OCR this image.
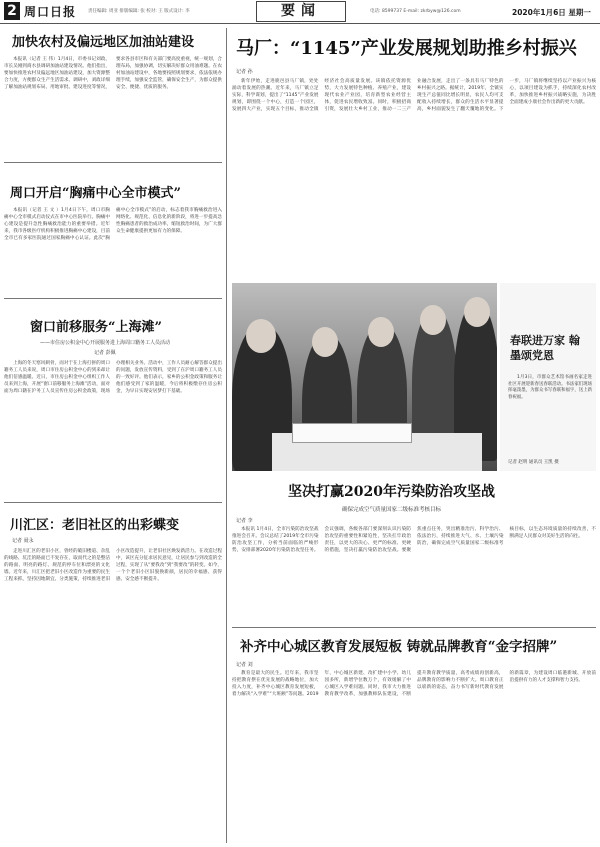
2 周口日报	责任编辑: 周亚 排版编辑: 张 校对: 王 版式设计: 李	要闻	电话: 8599737 E-mail: zkrbyw@126.com	2020年1月6日 星期一
加快农村及偏远地区加油站建设
本报讯（记者 王 伟）1月4日，市委书记刘政、市长吴刚到商水县调研加油站建设情况。他们指出，要加快推进农村及偏远地区加油站建设，加大资源整合力度，方便群众生产生活需求。调研中，刘政详细了解加油站规划布局、用地审批、建设进度等情况，要求各县市区和有关部门要高度重视，统一规划，合理布局，加强协调，切实解决好群众用油难题。在农村加油站建设中，各地要按照规划要求，依法依规办理手续，加强安全监管，确保安全生产，为群众提供安全、便捷、优质的服务。
周口开启“胸痛中心全市模式”
本报讯（记者 王 文 ）1月4日下午，周口市胸痛中心全市模式启动仪式在市中心医院举行。胸痛中心建设是提升急性胸痛救治能力的重要举措。近年来，我市各级医疗机构积极推进胸痛中心建设，目前全市已有多家医院通过国家胸痛中心认证。此次“胸痛中心全市模式”的启动，标志着我市胸痛救治进入网络化、规范化、信息化的新阶段，将进一步提高急性胸痛患者的救治成功率，缩短救治时间，为广大群众生命健康提供更加有力的保障。
窗口前移服务“上海滩”
——市住房公积金中心开展服务进上海周口籍务工人员活动
记者 彭佩
上海的冬天寒风刺骨，而对于在上海打拼的周口籍务工人员来说，周口市住房公积金中心的到来却让他们倍感温暖。近日，市住房公积金中心组织工作人员来到上海，开展“窗口前移服务上海滩”活动，面对面为周口籍在沪务工人员宣传住房公积金政策，现场办理相关业务。活动中，工作人员耐心解答群众提出的问题，发放宣传资料，受到了在沪周口籍务工人员的一致好评。他们表示，家乡的公积金政策和服务让他们感受到了家的温暖，今后将积极缴存住房公积金，为早日实现安居梦打下基础。
川汇区：老旧社区的出彩蝶变
记者 聂永
走进川汇区的老旧小区，曾经的破旧楼道、杂乱的线路、坑洼的路面已不复存在，取而代之的是整洁的路面、明亮的路灯、规范的停车位和漂亮的文化墙。近年来，川汇区把老旧小区改造作为重要的民生工程来抓，坚持因地制宜、分类施策，持续推进老旧小区改造提升，让老旧社区焕发新活力。在改造过程中，该区充分征求居民意见，让居民参与到改造的全过程，实现了从“要我改”到“我要改”的转变。如今，一个个老旧小区旧貌换新颜，居民的幸福感、获得感、安全感不断提升。
马厂：“1145”产业发展规划助推乡村振兴
记者 孙
新年伊始，走进鹿邑县马厂镇，处处涌动着发展的热潮。近年来，马厂镇立足实际，科学谋划，提出了“1145”产业发展规划，即围绕一个中心，打造一个园区，发展四大产业，实现五个目标，推动全镇经济社会高质量发展。该镇依托资源优势，大力发展特色种植、养殖产业，建设现代农业产业园，培育新型农业经营主体，促进农民增收致富。同时，积极招商引资，发展壮大乡村工业，推动一二三产业融合发展，走出了一条具有马厂特色的乡村振兴之路。据统计，2019年，全镇实现生产总值同比增长明显，农民人均可支配收入持续增长，群众的生活水平显著提高，乡村面貌发生了翻天覆地的变化。下一步，马厂镇将继续坚持以产业振兴为核心，以项目建设为抓手，持续深化农村改革，加快推进乡村振兴战略实施，为决胜全面建成小康社会作出新的更大贡献。
春联进万家 翰墨颂党恩
1月3日，市群众艺术馆书画名家走进社区开展迎新春送春联活动。书法家们现场挥毫泼墨，为群众书写春联和福字，送上新春祝福。
记者 赵明 通讯员 王凯 摄
坚决打赢2020年污染防治攻坚战
确保完成空气质量国家二级标准考核目标
记者 李
本报讯 1月4日，全市污染防治攻坚战推进会召开。会议总结了2019年全市污染防治攻坚工作，分析当前面临的严峻形势，安排部署2020年污染防治攻坚任务。会议强调，各级各部门要深刻认识污染防治攻坚的重要性和紧迫性，坚决扛牢政治责任，以更大的决心、更严的标准、更硬的措施，坚决打赢污染防治攻坚战。要聚焦重点任务，突出精准治污、科学治污、依法治污，持续推进大气、水、土壤污染防治，确保完成空气质量国家二级标准考核目标，以生态环境质量的持续改善，不断满足人民群众对美好生活的向往。
补齐中心城区教育发展短板 铸就品牌教育“金字招牌”
记者 刘
教育是最大的民生。近年来，我市坚持把教育摆在优先发展的战略地位，加大投入力度，补齐中心城区教育发展短板，着力解决“入学难”“大班额”等问题。2019年，中心城区新建、改扩建中小学、幼儿园多所，新增学位数万个，有效缓解了中心城区入学难问题。同时，我市大力推进教育教学改革，加强教师队伍建设，不断提升教育教学质量，高考成绩再创新高，品牌教育的影响力不断扩大。周口教育正以崭新的姿态，奋力书写新时代教育发展的新篇章，为建设周口临港新城、开放前沿提供有力的人才支撑和智力支持。
